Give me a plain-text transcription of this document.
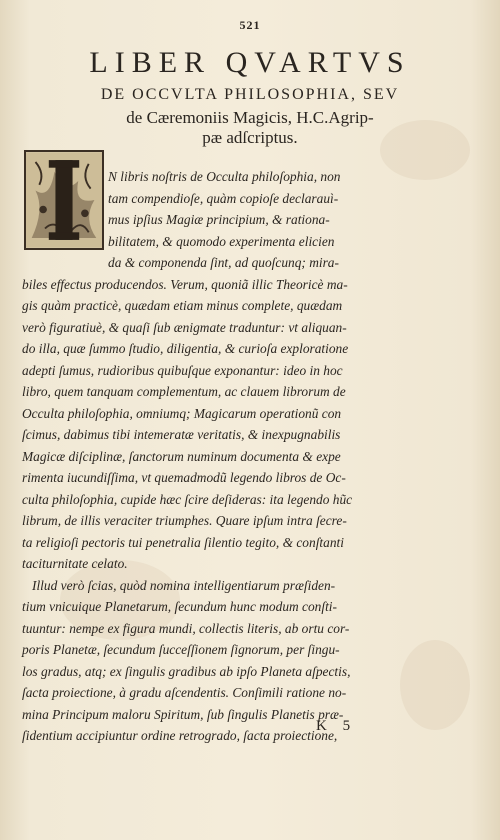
521
LIBER QVARTVS
DE OCCVLTA PHILOSOPHIA, SEV
de Cæremoniis Magicis, H.C.Agrip-
pæ adſcriptus.
I
N libris noſtris de Occulta philoſophia, non
tam compendioſe, quàm copioſe declarauì-
mus ipſius Magiæ principium, & rationa-
bilitatem, & quomodo experimenta elicien
da & componenda ſint, ad quoſcunq; mira-
biles effectus producendos. Verum, quoniã illic Theoricè ma-
gis quàm practicè, quædam etiam minus complete, quædam
verò figuratiuè, & quaſi ſub ænigmate traduntur: vt aliquan-
do illa, quæ ſummo ſtudio, diligentia, & curioſa exploratione
adepti ſumus, rudioribus quibuſque exponantur: ideo in hoc
libro, quem tanquam complementum, ac clauem librorum de
Occulta philoſophia, omniumq; Magicarum operationũ con
ſcimus, dabimus tibi intemeratæ veritatis, & inexpugnabilis
Magicæ diſciplinæ, ſanctorum numinum documenta & expe
rimenta iucundiſſima, vt quemadmodũ legendo libros de Oc-
culta philoſophia, cupide hæc ſcire deſideras: ita legendo hũc
librum, de illis veraciter triumphes. Quare ipſum intra ſecre-
ta religioſi pectoris tui penetralia ſilentio tegito, & conſtanti
taciturnitate celato.
Illud verò ſcias, quòd nomina intelligentiarum præſiden-
tium vnicuique Planetarum, ſecundum hunc modum conſti-
tuuntur: nempe ex figura mundi, collectis literis, ab ortu cor-
poris Planetæ, ſecundum ſucceſſionem ſignorum, per ſingu-
los gradus, atq; ex ſingulis gradibus ab ipſo Planeta aſpectis,
ſacta proiectione, à gradu aſcendentis. Conſimili ratione no-
mina Principum maloru Spiritum, ſub ſingulis Planetis præ-
ſidentium accipiuntur ordine retrogrado, ſacta proiectione,
K 5
